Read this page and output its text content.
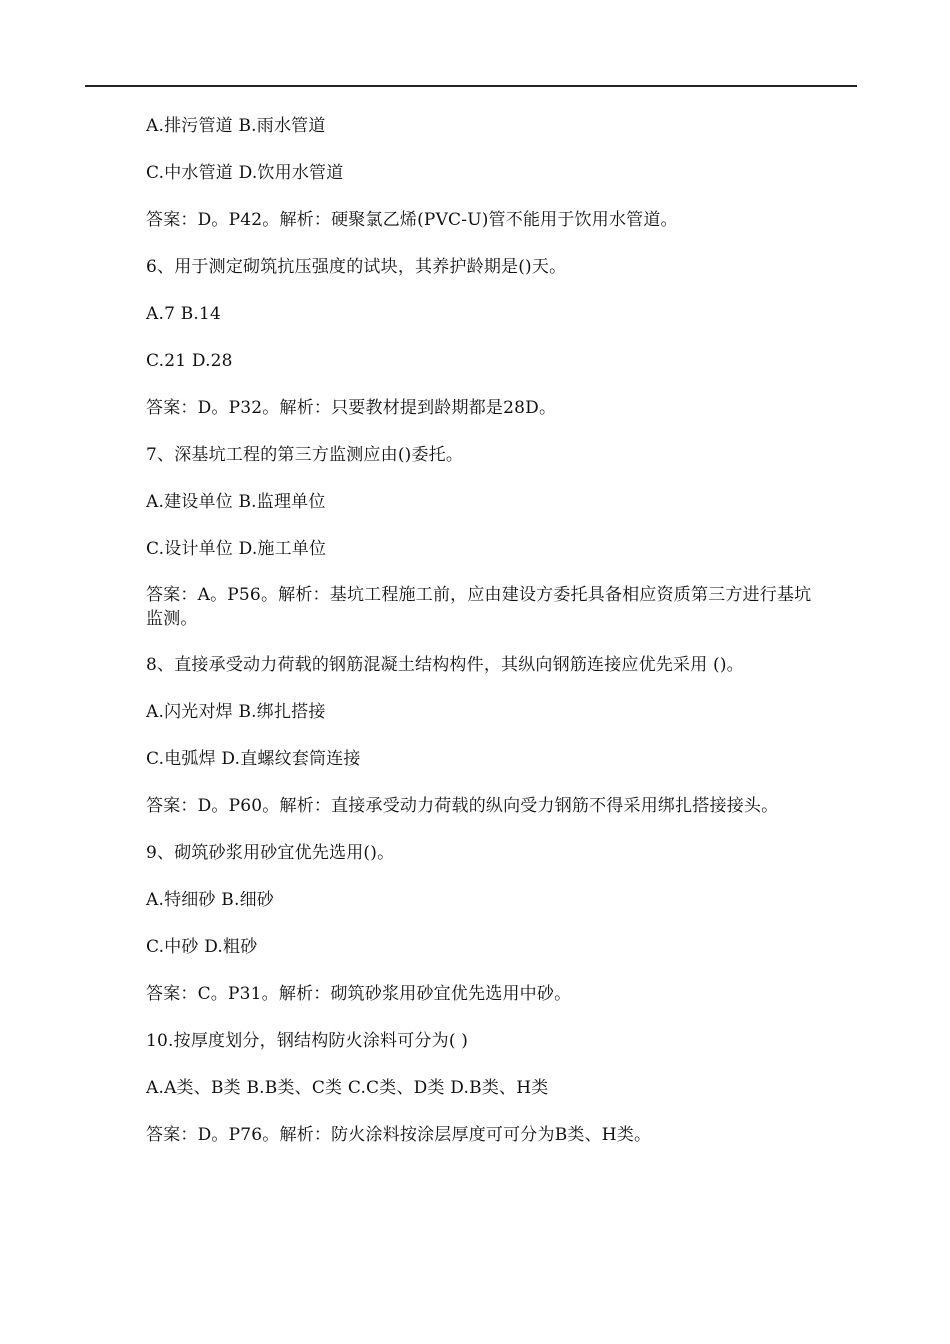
A.排污管道 B.雨水管道

C.中水管道 D.饮用水管道

答案：D。P42。解析：硬聚氯乙烯(PVC-U)管不能用于饮用水管道。

6、用于测定砌筑抗压强度的试块，其养护龄期是()天。

A.7 B.14

C.21 D.28

答案：D。P32。解析：只要教材提到龄期都是28D。

7、深基坑工程的第三方监测应由()委托。

A.建设单位 B.监理单位

C.设计单位 D.施工单位

答案：A。P56。解析：基坑工程施工前，应由建设方委托具备相应资质第三方进行基坑监测。

8、直接承受动力荷载的钢筋混凝土结构构件，其纵向钢筋连接应优先采用 ()。

A.闪光对焊 B.绑扎搭接

C.电弧焊 D.直螺纹套筒连接

答案：D。P60。解析：直接承受动力荷载的纵向受力钢筋不得采用绑扎搭接接头。

9、砌筑砂浆用砂宜优先选用()。

A.特细砂 B.细砂

C.中砂 D.粗砂

答案：C。P31。解析：砌筑砂浆用砂宜优先选用中砂。

10.按厚度划分，钢结构防火涂料可分为( )

A.A类、B类 B.B类、C类 C.C类、D类 D.B类、H类

答案：D。P76。解析：防火涂料按涂层厚度可可分为B类、H类。
